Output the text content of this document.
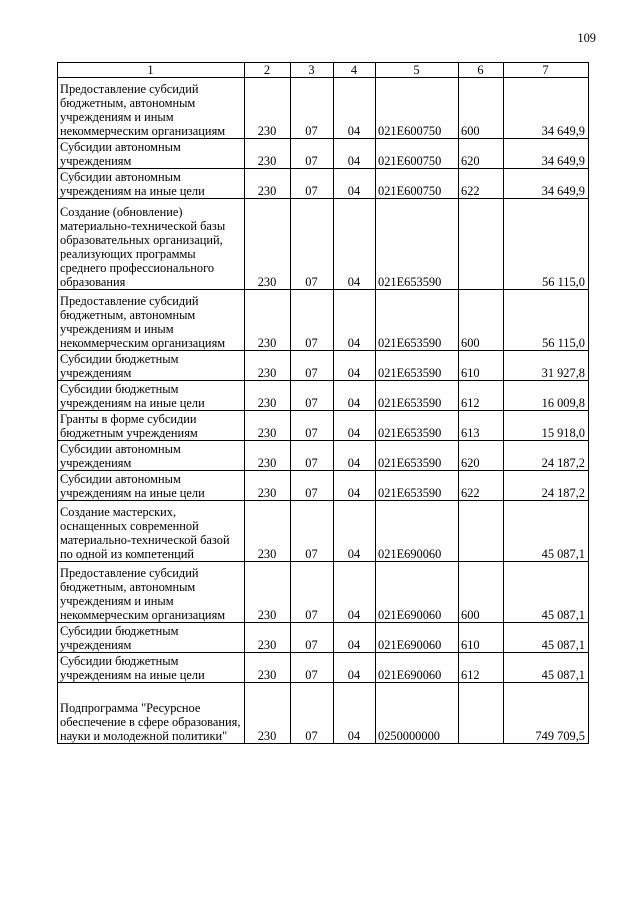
109
1	2	3	4	5	6	7
Предоставление субсидий бюджетным, автономным учреждениям и иным некоммерческим организациям	230	07	04	021E600750	600	34 649,9
Субсидии автономным учреждениям	230	07	04	021E600750	620	34 649,9
Субсидии автономным учреждениям на иные цели	230	07	04	021E600750	622	34 649,9
Создание (обновление) материально-технической базы образовательных организаций, реализующих программы среднего профессионального образования	230	07	04	021E653590		56 115,0
Предоставление субсидий бюджетным, автономным учреждениям и иным некоммерческим организациям	230	07	04	021E653590	600	56 115,0
Субсидии бюджетным учреждениям	230	07	04	021E653590	610	31 927,8
Субсидии бюджетным учреждениям на иные цели	230	07	04	021E653590	612	16 009,8
Гранты в форме субсидии бюджетным учреждениям	230	07	04	021E653590	613	15 918,0
Субсидии автономным учреждениям	230	07	04	021E653590	620	24 187,2
Субсидии автономным учреждениям на иные цели	230	07	04	021E653590	622	24 187,2
Создание мастерских, оснащенных современной материально-технической базой по одной из компетенций	230	07	04	021E690060		45 087,1
Предоставление субсидий бюджетным, автономным учреждениям и иным некоммерческим организациям	230	07	04	021E690060	600	45 087,1
Субсидии бюджетным учреждениям	230	07	04	021E690060	610	45 087,1
Субсидии бюджетным учреждениям на иные цели	230	07	04	021E690060	612	45 087,1
Подпрограмма "Ресурсное обеспечение в сфере образования, науки и молодежной политики"	230	07	04	0250000000		749 709,5
